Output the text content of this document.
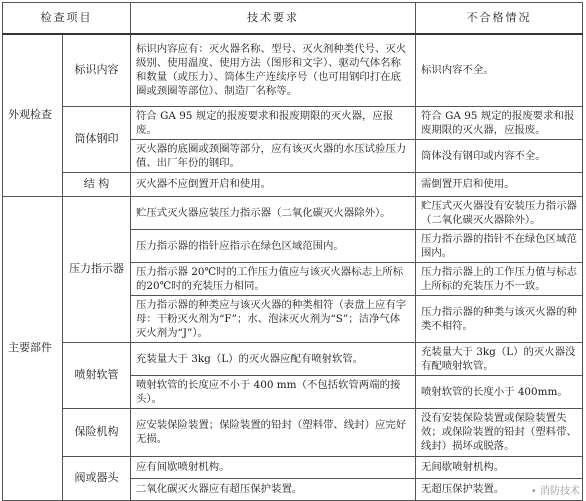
检查项目		技术要求	不合格情况
外观检查	标识内容	标识内容应有：灭火器名称、型号、灭火剂种类代号、灭火级别、使用温度、使用方法（图形和文字）、驱动气体名称和数量（或压力）、筒体生产连续序号（也可用钢印打在底圈或颈圈等部位）、制造厂名称等。	标识内容不全。
	筒体钢印	符合 GA 95 规定的报废要求和报废期限的灭火器，应报废。	符合 GA 95 规定的报废要求和报废期限的灭火器，应报废。
		灭火器的底圈或颈圈等部分，应有该灭火器的水压试验压力值、出厂年份的钢印。	筒体没有钢印或内容不全。
	结 构	灭火器不应倒置开启和使用。	需倒置开启和使用。
主要部件	压力指示器	贮压式灭火器应装压力指示器（二氧化碳灭火器除外）。	贮压式灭火器没有安装压力指示器（二氧化碳灭火器除外）。
		压力指示器的指针应指示在绿色区域范围内。	压力指示器的指针不在绿色区域范围内。
		压力指示器 20℃时的工作压力值应与该灭火器标志上所标的20℃时的充装压力相同。	压力指示器上的工作压力值与标志上所标的充装压力不一致。
		压力指示器的种类应与该灭火器的种类相符（表盘上应有字母：干粉灭火剂为“F”；水、泡沫灭火剂为“S”；洁净气体灭火剂为“J”）。	压力指示器的种类与该灭火器的种类不相符。
	喷射软管	充装量大于 3kg（L）的灭火器应配有喷射软管。	充装量大于 3kg（L）的灭火器没有配喷射软管。
		喷射软管的长度应不小于 400 mm（不包括软管两端的接头）。	喷射软管的长度小于 400mm。
	保险机构	应安装保险装置；保险装置的铅封（塑料带、线封）应完好无损。	没有安装保险装置或保险装置失效；或保险装置的铅封（塑料带、线封）损坏或脱落。
	阀或器头	应有间歇喷射机构。	无间歇喷射机构。
		二氧化碳灭火器应有超压保护装置。	无超压保护装置。	• 消防技术
